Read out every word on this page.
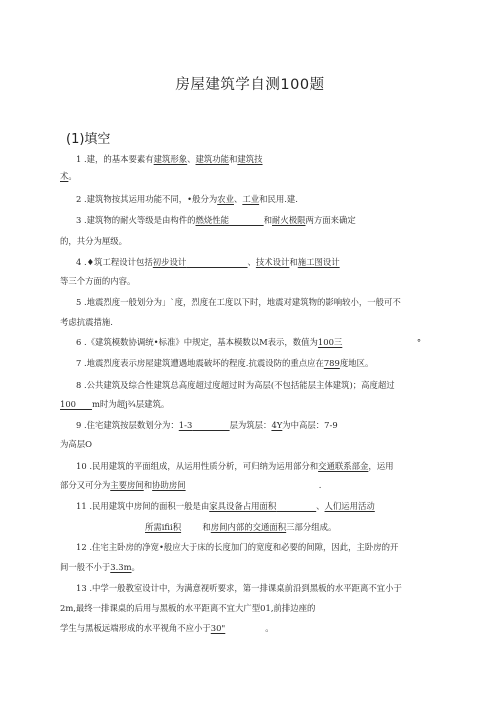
房屋建筑学自测100题
(1)填空
1 .建，的基本要素有建筑形象、建筑功能和建筑技
术。
2 .建筑物按其运用功能不同，•般分为农业、工业和民用.建.
3 .建筑物的耐火等级是由构件的燃烧性能	和耐火极限两方面来确定
的，共分为厘级。
4 .♦筑工程设计包括初步设计	、技术设计和施工图设计
等三个方面的内容。
5 .地震烈度一般划分为」`度，烈度在工度以下时，地震对建筑物的影响较小，一般可不
考虑抗震措施.
6 .《建筑模数协调统•标准》中规定，基本模数以M表示，数值为100三	°
7 .地震烈度表示房屋建筑遭遇地震破坏的程度.抗震设防的重点应在789度地区。
8 .公共建筑及综合性建筑总高度超过度超过时为高层(不包括能层主体建筑)；高度超过
100 m时为超j¾层建筑。
9 .住宅建筑按层数划分为：1-3	层为筑层：4Y为中高层：7-9
为高层O
10 .民用建筑的平面组成，从运用性质分析，可归纳为运用部分和交通联系部金，运用
部分又可分为主要房间和协助房间	.
11 .民用建筑中房间的面积一般是由家具设备占用面积	、人们运用活动
所需ifii积	和房间内部的交通面积三部分组成。
12 .住宅主卧房的净宽•般应大于床的长度加门的宽度和必要的间隙，因此，主卧房的开
间一般不小于3.3m。
13 .中学一般教室设计中，为满意视听要求，第一排课桌前沿到黑板的水平距离不宜小于
2m,最终一排课桌的后用与黑板的水平距离不宜大广型01,前排边座的
学生与黑板远端形成的水平视角不应小于30"	。
